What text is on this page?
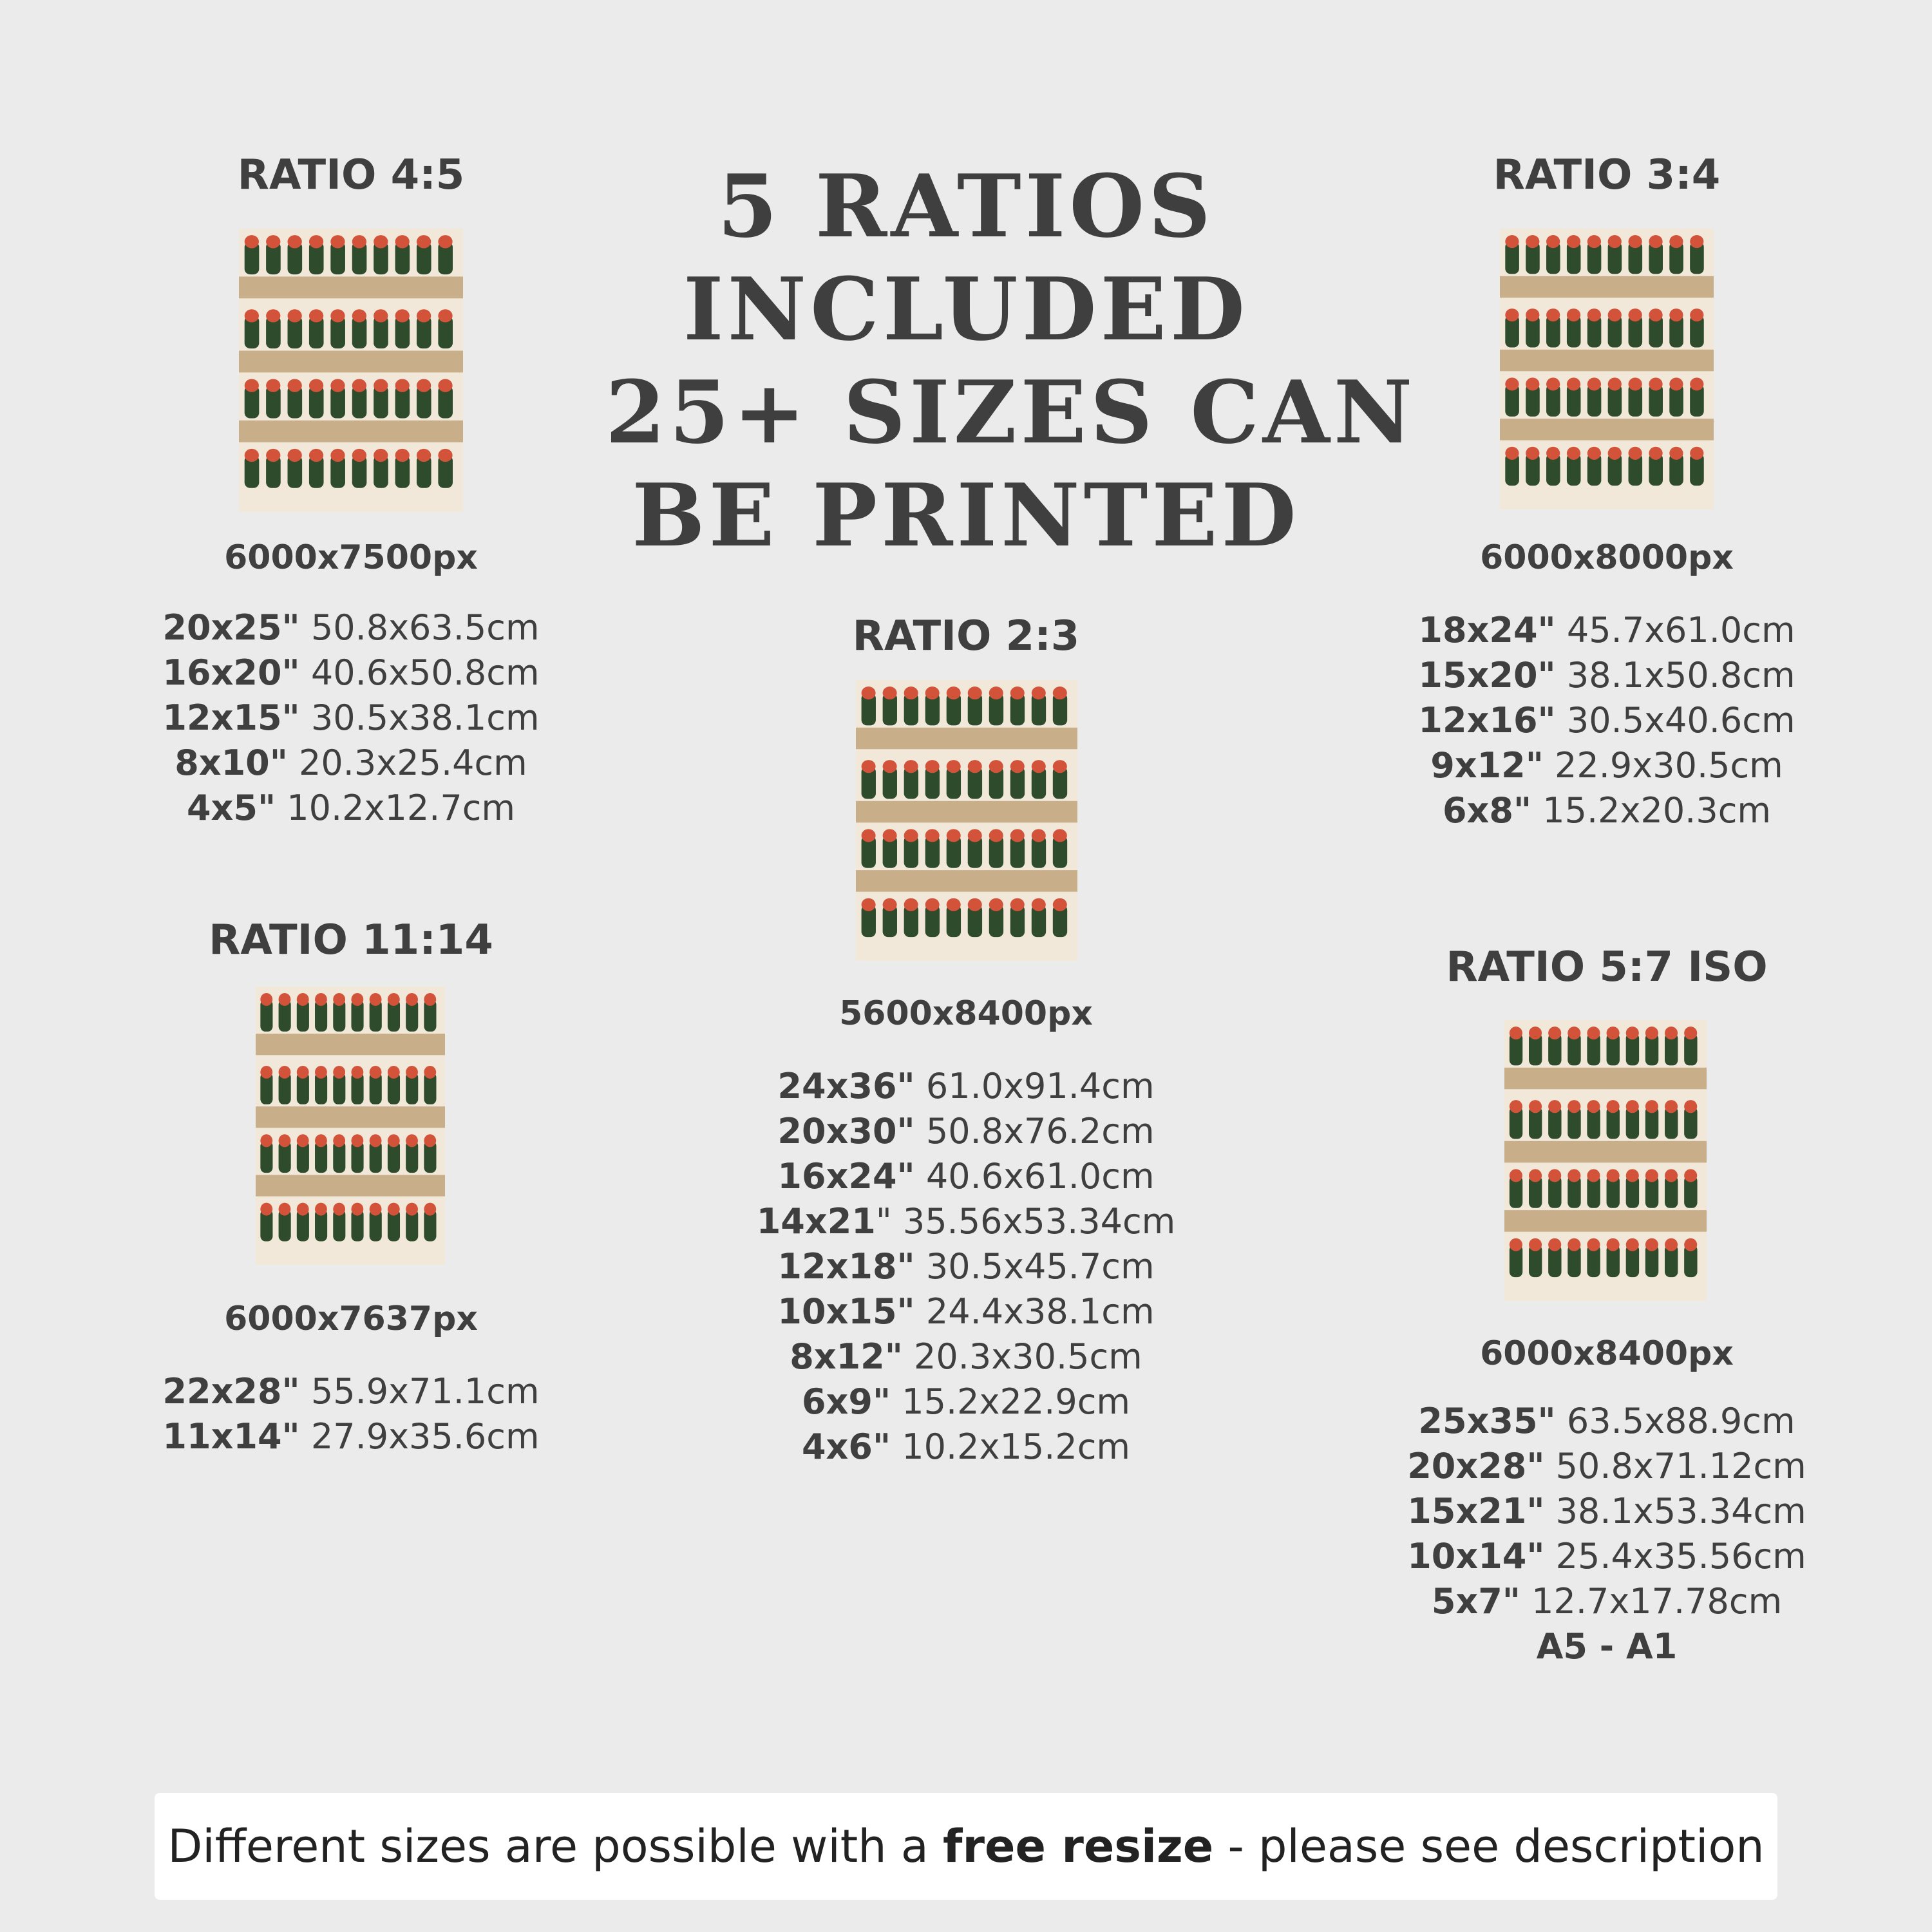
5 RATIOS
INCLUDED
25+ SIZES CAN
BE PRINTED
RATIO 4:5
6000x7500px
20x25" 50.8x63.5cm
16x20" 40.6x50.8cm
12x15" 30.5x38.1cm
8x10" 20.3x25.4cm
4x5" 10.2x12.7cm
RATIO 3:4
6000x8000px
18x24" 45.7x61.0cm
15x20" 38.1x50.8cm
12x16" 30.5x40.6cm
9x12" 22.9x30.5cm
6x8" 15.2x20.3cm
RATIO 2:3
5600x8400px
24x36" 61.0x91.4cm
20x30" 50.8x76.2cm
16x24" 40.6x61.0cm
14x21" 35.56x53.34cm
12x18" 30.5x45.7cm
10x15" 24.4x38.1cm
8x12" 20.3x30.5cm
6x9" 15.2x22.9cm
4x6" 10.2x15.2cm
RATIO 11:14
6000x7637px
22x28" 55.9x71.1cm
11x14" 27.9x35.6cm
RATIO 5:7 ISO
6000x8400px
25x35" 63.5x88.9cm
20x28" 50.8x71.12cm
15x21" 38.1x53.34cm
10x14" 25.4x35.56cm
5x7" 12.7x17.78cm
A5 - A1
Different sizes are possible with a free resize - please see description
